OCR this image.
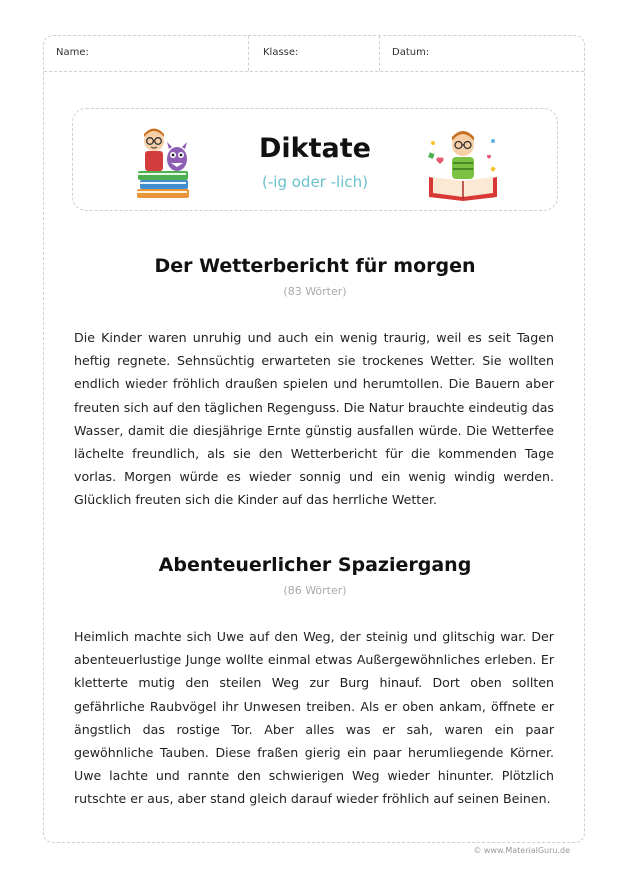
Name:	Klasse:	Datum:
Diktate
(-ig oder -lich)
Der Wetterbericht für morgen
(83 Wörter)

Die Kinder waren unruhig und auch ein wenig traurig, weil es seit Tagen heftig regnete. Sehnsüchtig erwarteten sie trockenes Wetter. Sie wollten endlich wieder fröhlich draußen spielen und herumtollen. Die Bauern aber freuten sich auf den täglichen Regenguss. Die Natur brauchte eindeutig das Wasser, damit die diesjährige Ernte günstig ausfallen würde. Die Wetterfee lächelte freundlich, als sie den Wetterbericht für die kommenden Tage vorlas. Morgen würde es wieder sonnig und ein wenig windig werden. Glücklich freuten sich die Kinder auf das herrliche Wetter.

Abenteuerlicher Spaziergang
(86 Wörter)

Heimlich machte sich Uwe auf den Weg, der steinig und glitschig war. Der abenteuerlustige Junge wollte einmal etwas Außergewöhnliches erleben. Er kletterte mutig den steilen Weg zur Burg hinauf. Dort oben sollten gefährliche Raubvögel ihr Unwesen treiben. Als er oben ankam, öffnete er ängstlich das rostige Tor. Aber alles was er sah, waren ein paar gewöhnliche Tauben. Diese fraßen gierig ein paar herumliegende Körner. Uwe lachte und rannte den schwierigen Weg wieder hinunter. Plötzlich rutschte er aus, aber stand gleich darauf wieder fröhlich auf seinen Beinen.

© www.MaterialGuru.de
